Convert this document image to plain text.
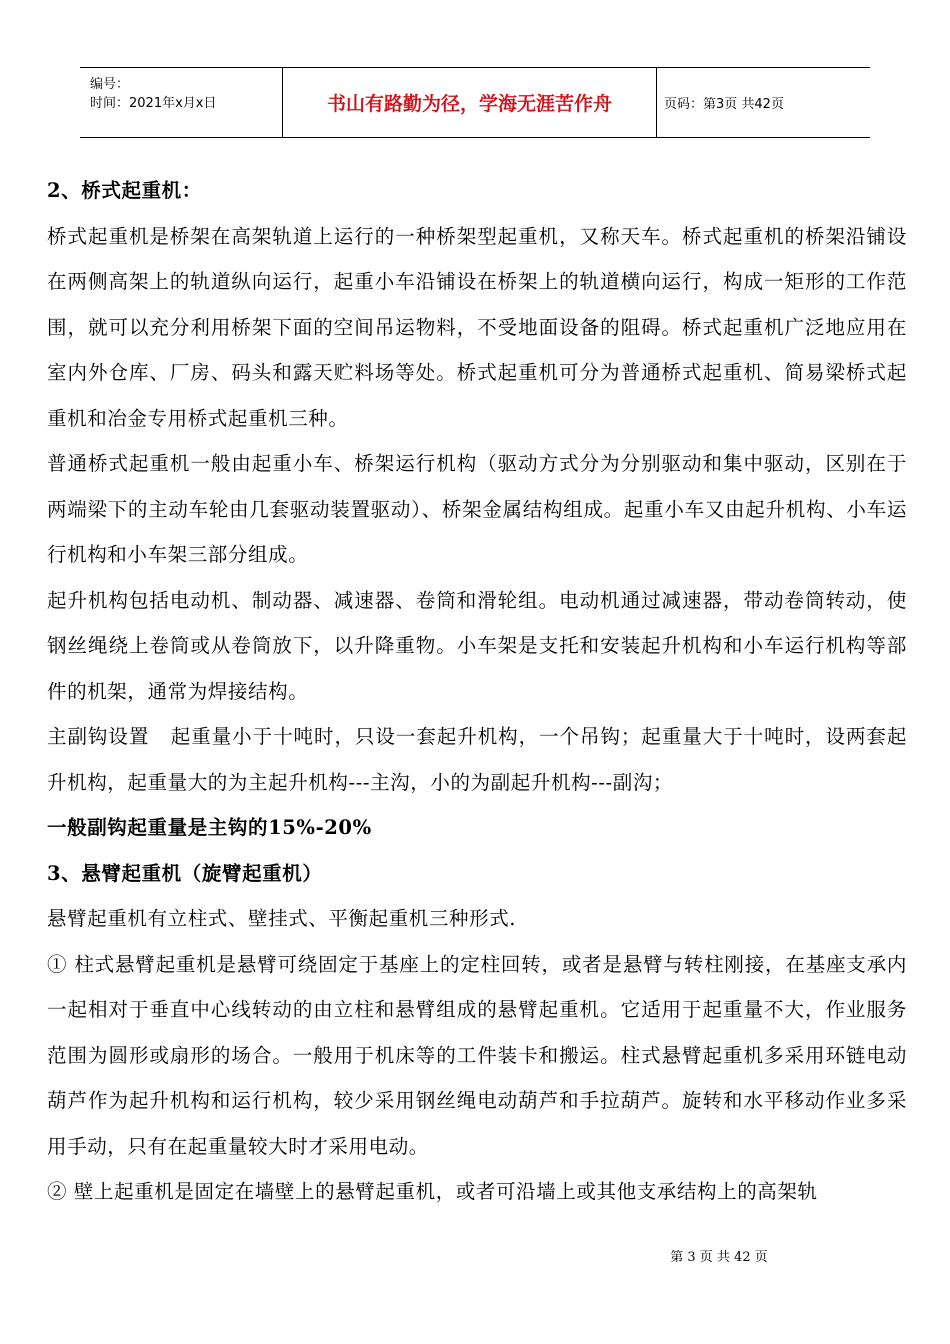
编号：
时间：2021年x月x日	书山有路勤为径，学海无涯苦作舟	页码：第3页 共42页

2、桥式起重机：

桥式起重机是桥架在高架轨道上运行的一种桥架型起重机，又称天车。桥式起重机的桥架沿铺设在两侧高架上的轨道纵向运行，起重小车沿铺设在桥架上的轨道横向运行，构成一矩形的工作范围，就可以充分利用桥架下面的空间吊运物料，不受地面设备的阻碍。桥式起重机广泛地应用在室内外仓库、厂房、码头和露天贮料场等处。桥式起重机可分为普通桥式起重机、简易梁桥式起重机和冶金专用桥式起重机三种。

普通桥式起重机一般由起重小车、桥架运行机构（驱动方式分为分别驱动和集中驱动，区别在于两端梁下的主动车轮由几套驱动装置驱动）、桥架金属结构组成。起重小车又由起升机构、小车运行机构和小车架三部分组成。

起升机构包括电动机、制动器、减速器、卷筒和滑轮组。电动机通过减速器，带动卷筒转动，使钢丝绳绕上卷筒或从卷筒放下，以升降重物。小车架是支托和安装起升机构和小车运行机构等部件的机架，通常为焊接结构。

主副钩设置 起重量小于十吨时，只设一套起升机构，一个吊钩；起重量大于十吨时，设两套起升机构，起重量大的为主起升机构---主沟，小的为副起升机构---副沟；

一般副钩起重量是主钩的15%-20%

3、悬臂起重机（旋臂起重机）

悬臂起重机有立柱式、壁挂式、平衡起重机三种形式.

① 柱式悬臂起重机是悬臂可绕固定于基座上的定柱回转，或者是悬臂与转柱刚接，在基座支承内一起相对于垂直中心线转动的由立柱和悬臂组成的悬臂起重机。它适用于起重量不大，作业服务范围为圆形或扇形的场合。一般用于机床等的工件装卡和搬运。柱式悬臂起重机多采用环链电动葫芦作为起升机构和运行机构，较少采用钢丝绳电动葫芦和手拉葫芦。旋转和水平移动作业多采用手动，只有在起重量较大时才采用电动。

② 壁上起重机是固定在墙壁上的悬臂起重机，或者可沿墙上或其他支承结构上的高架轨

第 3 页 共 42 页
